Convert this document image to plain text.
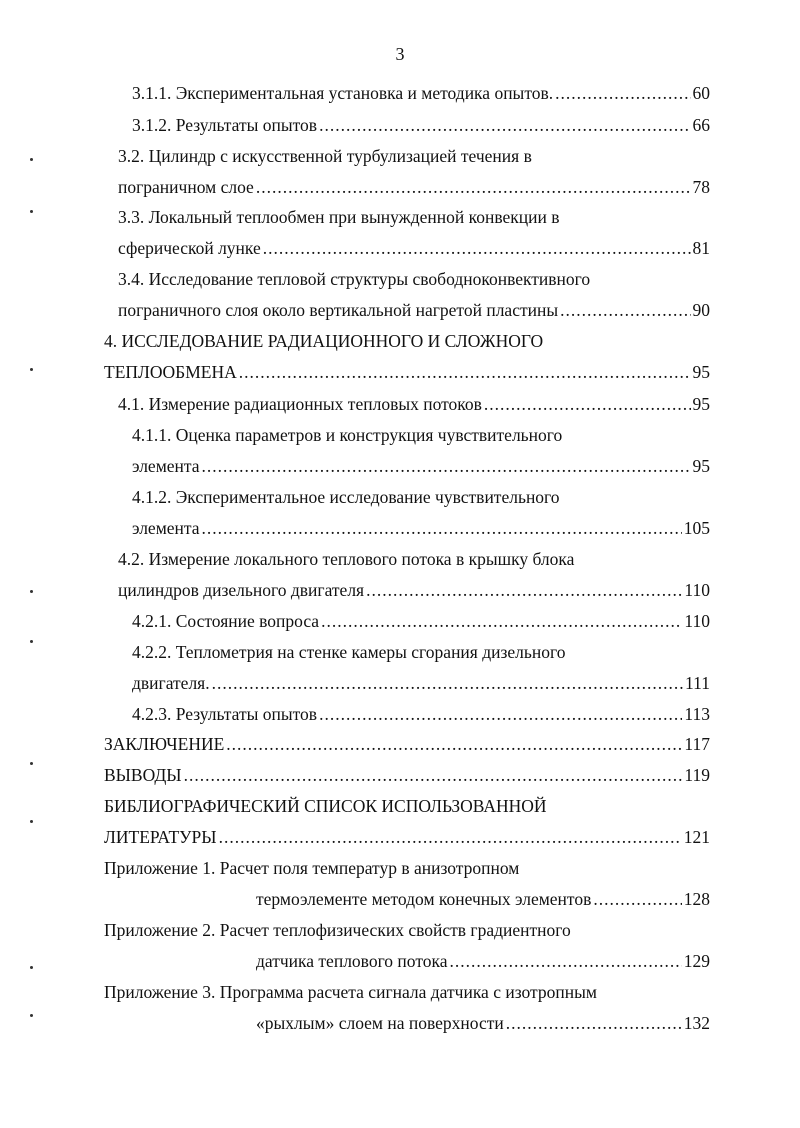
3
3.1.1. Экспериментальная установка и методика опытов. .....	60
3.1.2. Результаты опытов .....	66
3.2. Цилиндр с искусственной турбулизацией течения в
пограничном слое .....	78
3.3. Локальный теплообмен при вынужденной конвекции в
сферической лунке .....	81
3.4. Исследование тепловой структуры свободноконвективного
пограничного слоя около вертикальной нагретой пластины .....	90
4. ИССЛЕДОВАНИЕ РАДИАЦИОННОГО И СЛОЖНОГО
ТЕПЛООБМЕНА .....	95
4.1. Измерение радиационных тепловых потоков .....	95
4.1.1. Оценка параметров и конструкция чувствительного
элемента .....	95
4.1.2. Экспериментальное исследование чувствительного
элемента .....	105
4.2. Измерение локального теплового потока в крышку блока
цилиндров дизельного двигателя .....	110
4.2.1. Состояние вопроса .....	110
4.2.2. Теплометрия на стенке камеры сгорания дизельного
двигателя. .....	111
4.2.3. Результаты опытов .....	113
ЗАКЛЮЧЕНИЕ .....	117
ВЫВОДЫ .....	119
БИБЛИОГРАФИЧЕСКИЙ СПИСОК ИСПОЛЬЗОВАННОЙ
ЛИТЕРАТУРЫ .....	121
Приложение 1. Расчет поля температур в анизотропном
термоэлементе методом конечных элементов .....	128
Приложение 2. Расчет теплофизических свойств градиентного
датчика теплового потока .....	129
Приложение 3. Программа расчета сигнала датчика с изотропным
«рыхлым» слоем на поверхности .....	132
